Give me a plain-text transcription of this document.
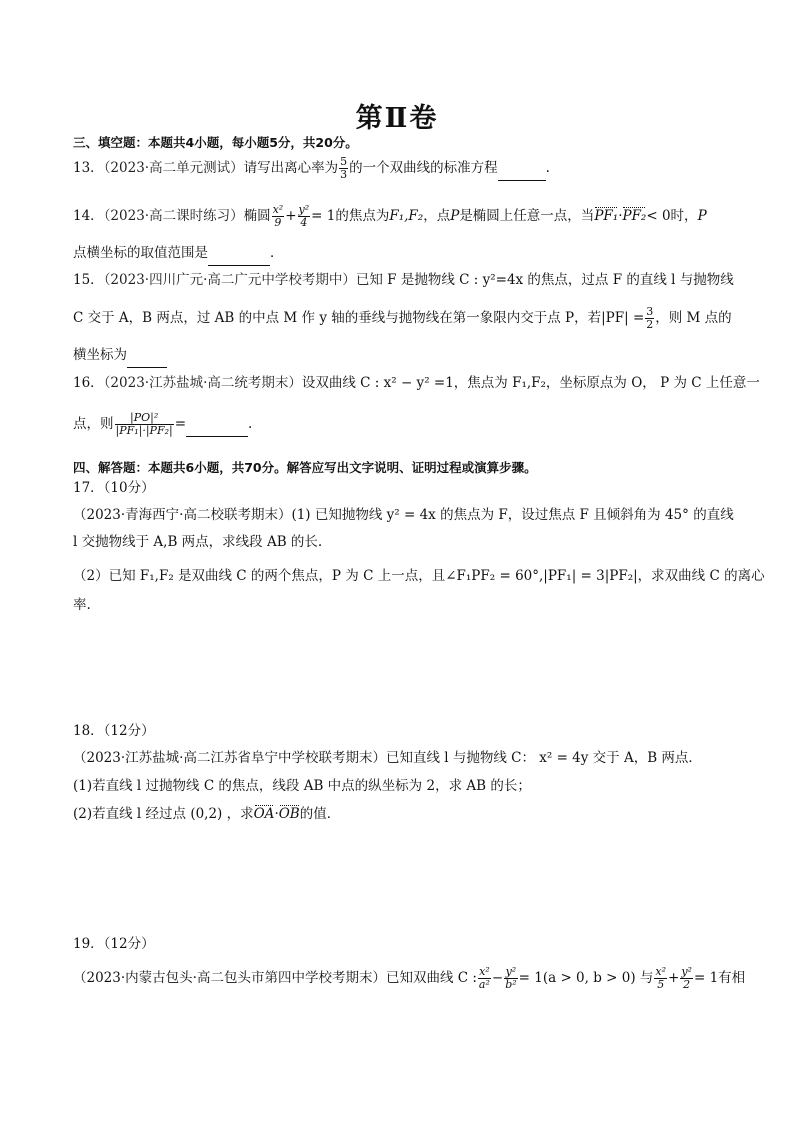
第Ⅱ卷
三、填空题：本题共4小题，每小题5分，共20分。
13．（2023·高二单元测试）请写出离心率为 $\frac{5}{3}$ 的一个双曲线的标准方程	.
14．（2023·高二课时练习）椭圆 $\frac{\text{x²}}{9} + \frac{\text{y²}}{4} = 1$的焦点为F₁,F₂，点P是椭圆上任意一点，当PF₁·PF₂< 0时，P
点横坐标的取值范围是	．
15．（2023·四川广元·高二广元中学校考期中）已知 F 是抛物线 C : y²=4x 的焦点，过点 F 的直线 l 与抛物线
C 交于 A，B 两点，过 AB 的中点 M 作 y 轴的垂线与抛物线在第一象限内交于点 P，若$|PF| = \frac{3}{2}$ ，则 M 点的
横坐标为
16．（2023·江苏盐城·高二统考期末）设双曲线 C : x² − y² =1，焦点为 F₁,F₂，坐标原点为 O， P 为 C 上任意一
点，则 $\frac{\text{|PO|²}}{\text{|PF₁|·|PF₂|}}$ =	.
四、解答题：本题共6小题，共70分。解答应写出文字说明、证明过程或演算步骤。
17．（10分）
（2023·青海西宁·高二校联考期末）(1) 已知抛物线 y² = 4x 的焦点为 F，设过焦点 F 且倾斜角为 45° 的直线
l 交抛物线于 A,B 两点，求线段 AB 的长.
（2）已知 F₁,F₂ 是双曲线 C 的两个焦点，P 为 C 上一点，且∠F₁PF₂ = 60°,|PF₁| = 3|PF₂|，求双曲线 C 的离心
率.
18．（12分）
（2023·江苏盐城·高二江苏省阜宁中学校联考期末）已知直线 l 与抛物线 C： x² = 4y 交于 A，B 两点．
(1)若直线 l 过抛物线 C 的焦点，线段 AB 中点的纵坐标为 2，求 AB 的长；
(2)若直线 l 经过点 (0,2) ，求OA·OB的值．
19．（12分）
（2023·内蒙古包头·高二包头市第四中学校考期末）已知双曲线 C : $\frac{\text{x²}}{\text{a²}} - \frac{\text{y²}}{\text{b²}} = 1(a > 0$, b > 0) 与 $\frac{\text{x²}}{5} + \frac{\text{y²}}{2} = 1$有相
